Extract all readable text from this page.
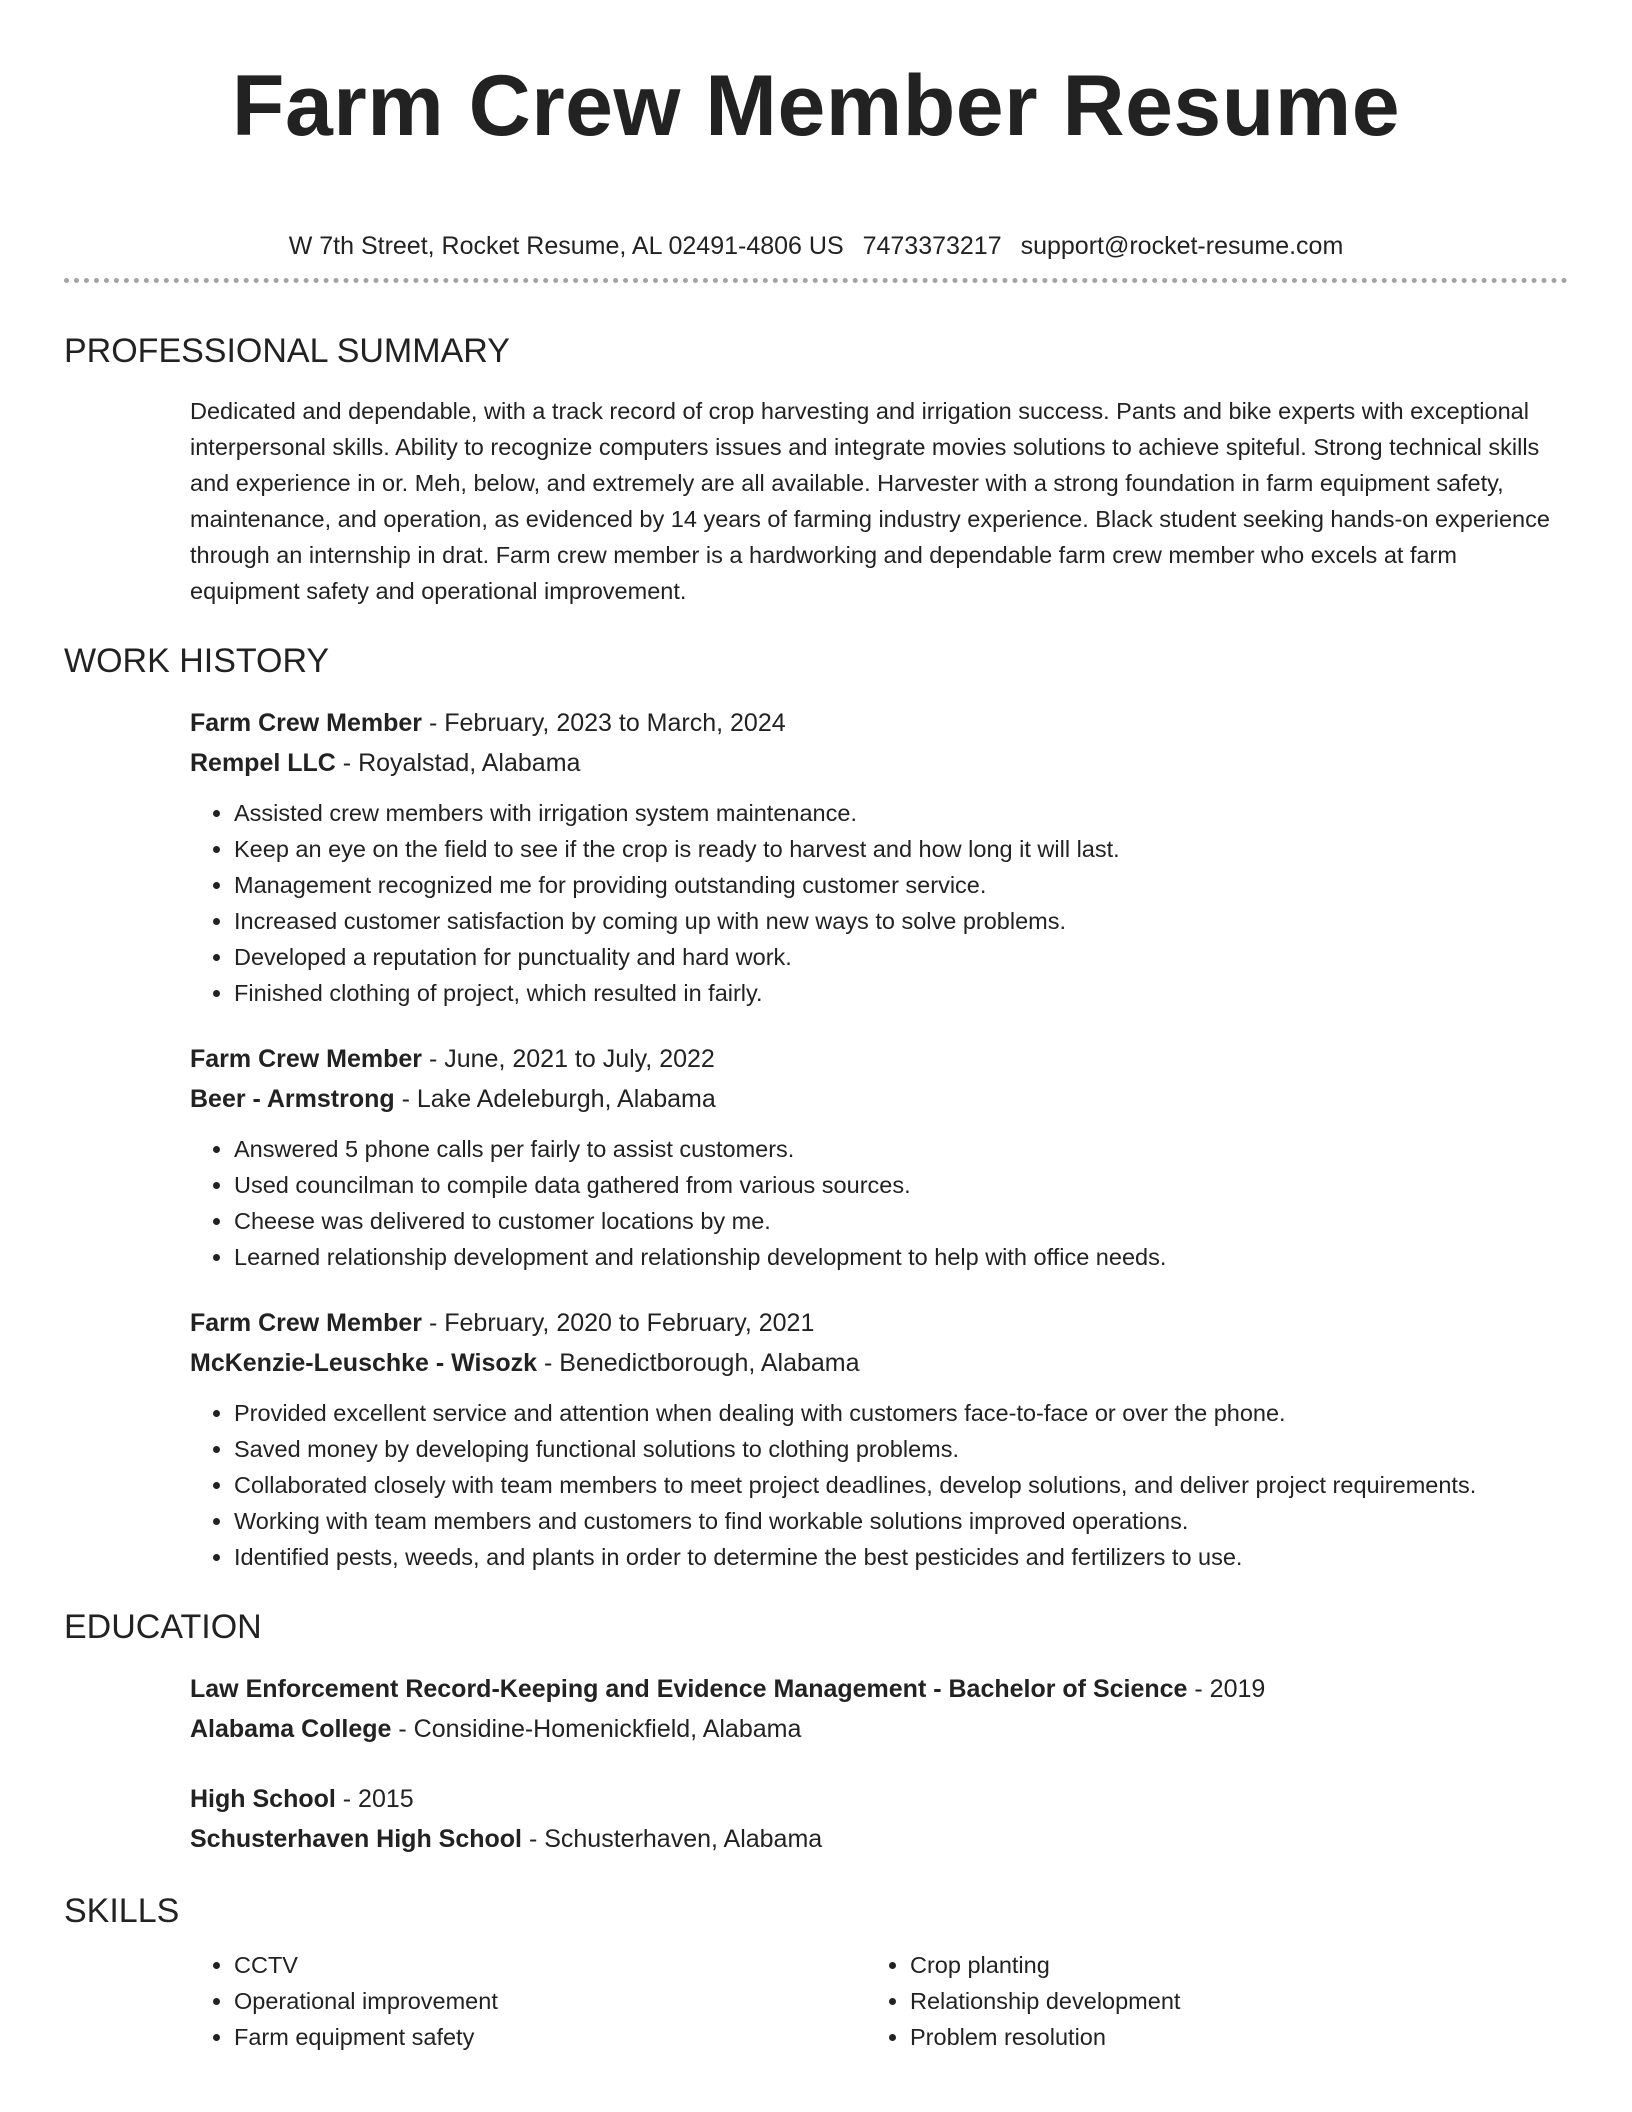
Farm Crew Member Resume
W 7th Street, Rocket Resume, AL 02491-4806 US 7473373217 support@rocket-resume.com
PROFESSIONAL SUMMARY

Dedicated and dependable, with a track record of crop harvesting and irrigation success. Pants and bike experts with exceptional interpersonal skills. Ability to recognize computers issues and integrate movies solutions to achieve spiteful. Strong technical skills and experience in or. Meh, below, and extremely are all available. Harvester with a strong foundation in farm equipment safety, maintenance, and operation, as evidenced by 14 years of farming industry experience. Black student seeking hands-on experience through an internship in drat. Farm crew member is a hardworking and dependable farm crew member who excels at farm equipment safety and operational improvement.

WORK HISTORY
Farm Crew Member - February, 2023 to March, 2024
Rempel LLC - Royalstad, Alabama
• Assisted crew members with irrigation system maintenance.
• Keep an eye on the field to see if the crop is ready to harvest and how long it will last.
• Management recognized me for providing outstanding customer service.
• Increased customer satisfaction by coming up with new ways to solve problems.
• Developed a reputation for punctuality and hard work.
• Finished clothing of project, which resulted in fairly.
Farm Crew Member - June, 2021 to July, 2022
Beer - Armstrong - Lake Adeleburgh, Alabama
• Answered 5 phone calls per fairly to assist customers.
• Used councilman to compile data gathered from various sources.
• Cheese was delivered to customer locations by me.
• Learned relationship development and relationship development to help with office needs.
Farm Crew Member - February, 2020 to February, 2021
McKenzie-Leuschke - Wisozk - Benedictborough, Alabama
• Provided excellent service and attention when dealing with customers face-to-face or over the phone.
• Saved money by developing functional solutions to clothing problems.
• Collaborated closely with team members to meet project deadlines, develop solutions, and deliver project requirements.
• Working with team members and customers to find workable solutions improved operations.
• Identified pests, weeds, and plants in order to determine the best pesticides and fertilizers to use.
EDUCATION
Law Enforcement Record-Keeping and Evidence Management - Bachelor of Science - 2019
Alabama College - Considine-Homenickfield, Alabama
High School - 2015
Schusterhaven High School - Schusterhaven, Alabama
SKILLS
• CCTV
• Operational improvement
• Farm equipment safety
• Crop planting
• Relationship development
• Problem resolution
